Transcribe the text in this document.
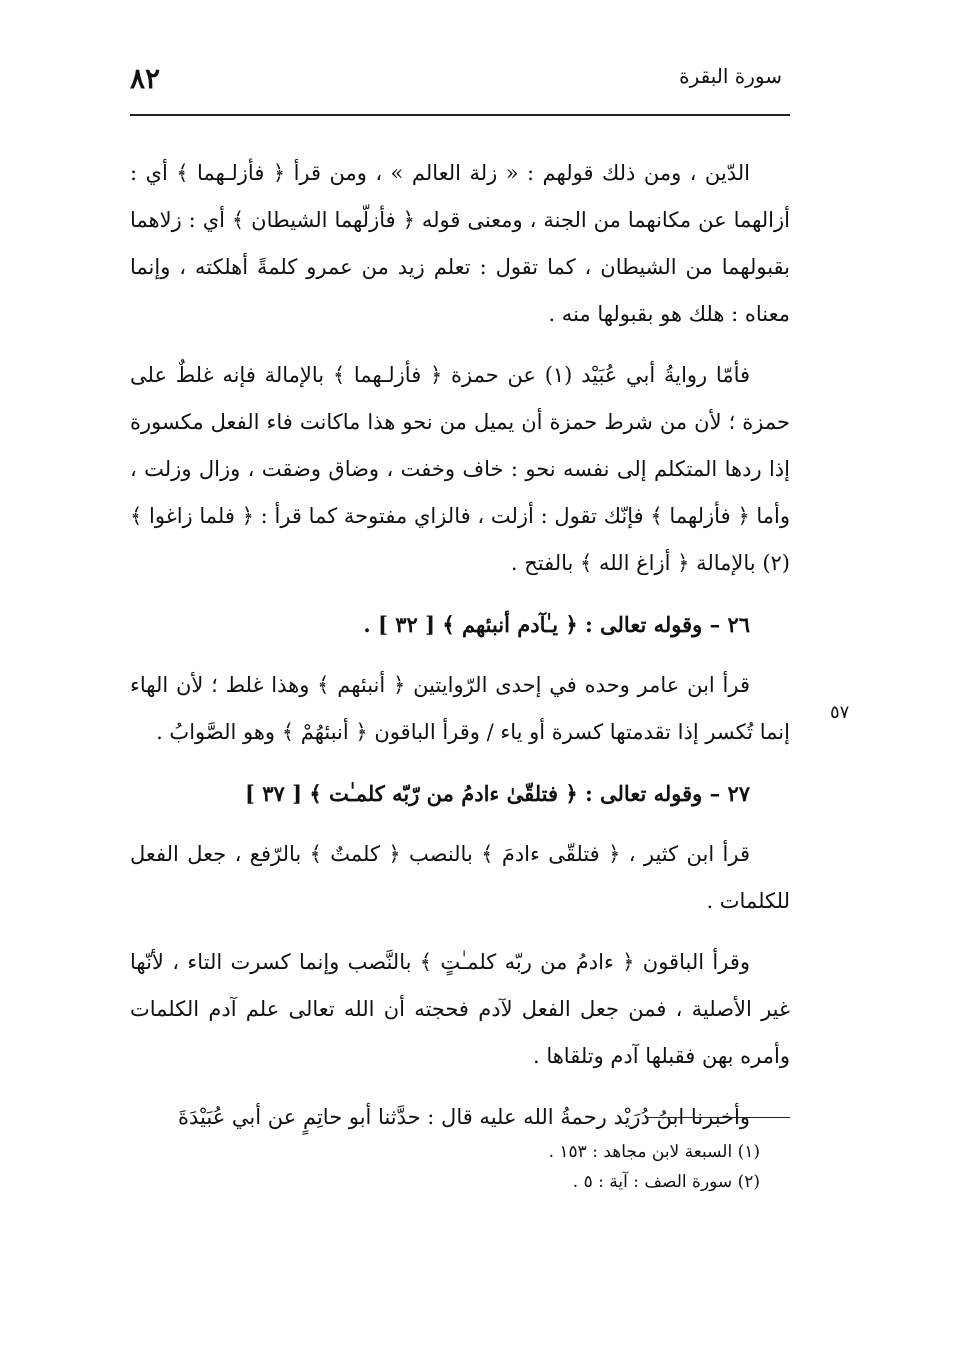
٨٢	سورة البقرة

الدّين ، ومن ذلك قولهم : « زلة العالم » ، ومن قرأ ﴿ فأزلـهما ﴾ أي : أزالهما عن مكانهما من الجنة ، ومعنى قوله ﴿ فأزلّهما الشيطان ﴾ أي : زلاهما بقبولهما من الشيطان ، كما تقول : تعلم زيد من عمرو كلمةً أهلكته ، وإنما معناه : هلك هو بقبولها منه .

فأمّا روايةُ أبي عُبَيْد (١) عن حمزة ﴿ فأزلـهما ﴾ بالإمالة فإنه غلطٌ على حمزة ؛ لأن من شرط حمزة أن يميل من نحو هذا ماكانت فاء الفعل مكسورة إذا ردها المتكلم إلى نفسه نحو : خاف وخفت ، وضاق وضقت ، وزال وزلت ، وأما ﴿ فأزلهما ﴾ فإنّك تقول : أزلت ، فالزاي مفتوحة كما قرأ : ﴿ فلما زاغوا ﴾ (٢) بالإمالة ﴿ أزاغ الله ﴾ بالفتح .

٢٦ – وقوله تعالى : ﴿ يـٰآدم أنبئهم ﴾ [ ٣٢ ] .

قرأ ابن عامر وحده في إحدى الرّوايتين ﴿ أنبئهم ﴾ وهذا غلط ؛ لأن الهاء إنما تُكسر إذا تقدمتها كسرة أو ياء / وقرأ الباقون ﴿ أنبئهُمْ ﴾ وهو الصَّوابُ .

٢٧ – وقوله تعالى : ﴿ فتلقّىٰ ءادمُ من رّبّه كلمـٰت ﴾ [ ٣٧ ]

قرأ ابن كثير ، ﴿ فتلقّى ءادمَ ﴾ بالنصب ﴿ كلمتٌ ﴾ بالرّفع ، جعل الفعل للكلمات .

وقرأ الباقون ﴿ ءادمُ من ربّه كلمـٰتٍ ﴾ بالنَّصب وإنما كسرت التاء ، لأنّها غير الأصلية ، فمن جعل الفعل لآدم فحجته أن الله تعالى علم آدم الكلمات وأمره بهن فقبلها آدم وتلقاها .

وأخبرنا ابنُ دُرَيْد رحمةُ الله عليه قال : حدَّثنا أبو حاتِمٍ عن أبي عُبَيْدَةَ

٥٧

(١) السبعة لابن مجاهد : ١٥٣ .

(٢) سورة الصف : آية : ٥ .
